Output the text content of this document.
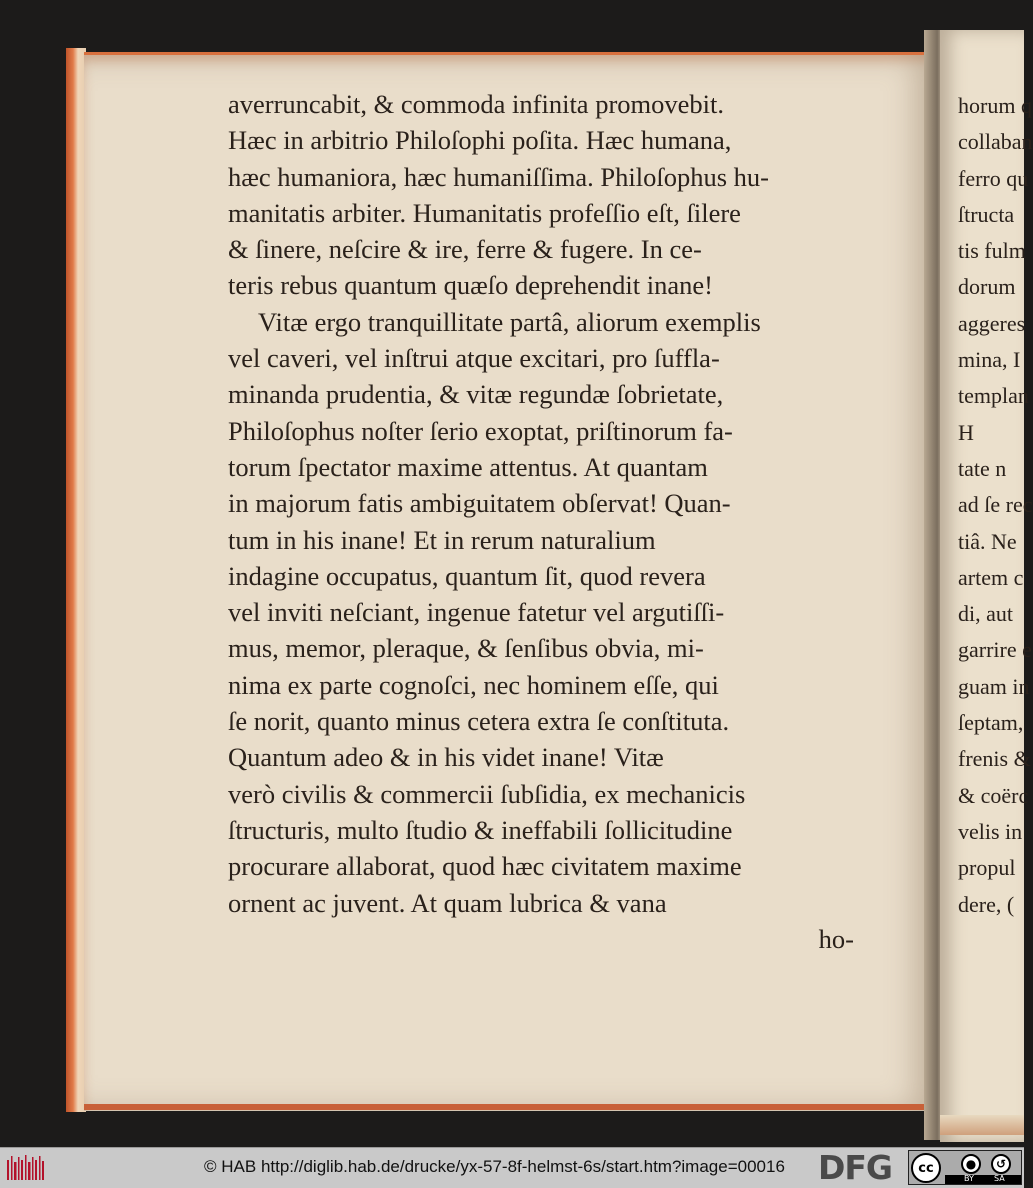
averruncabit, & commoda infinita promovebit.
Hæc in arbitrio Philoſophi poſita. Hæc humana,
hæc humaniora, hæc humaniſſima. Philoſophus hu-
manitatis arbiter. Humanitatis profeſſio eſt, ſilere
& ſinere, neſcire & ire, ferre & fugere. In ce-
teris rebus quantum quæſo deprehendit inane!
Vitæ ergo tranquillitate partâ, aliorum exemplis
vel caveri, vel inſtrui atque excitari, pro ſuffla-
minanda prudentia, & vitæ regundæ ſobrietate,
Philoſophus noſter ſerio exoptat, priſtinorum fa-
torum ſpectator maxime attentus. At quantam
in majorum fatis ambiguitatem obſervat! Quan-
tum in his inane! Et in rerum naturalium
indagine occupatus, quantum ſit, quod revera
vel inviti neſciant, ingenue fatetur vel argutiſſi-
mus, memor, pleraque, & ſenſibus obvia, mi-
nima ex parte cognoſci, nec hominem eſſe, qui
ſe norit, quanto minus cetera extra ſe conſtituta.
Quantum adeo & in his videt inane! Vitæ
verò civilis & commercii ſubſidia, ex mechanicis
ſtructuris, multo ſtudio & ineffabili ſollicitudine
procurare allaborat, quod hæc civitatem maxime
ornent ac juvent. At quam lubrica & vana
ho-
horum q
collaban
ferro qu
ſtructa
tis fulm
dorum
aggeres
mina, I
templan
H
tate n
ad ſe rec
tiâ. Ne
artem c
di, aut
garrire e
guam in
ſeptam,
frenis &
& coërc
velis in
propul
dere, (
© HAB http://diglib.hab.de/drucke/yx-57-8f-helmst-6s/start.htm?image=00016 DFG	cc	●	↺
BY	SA
